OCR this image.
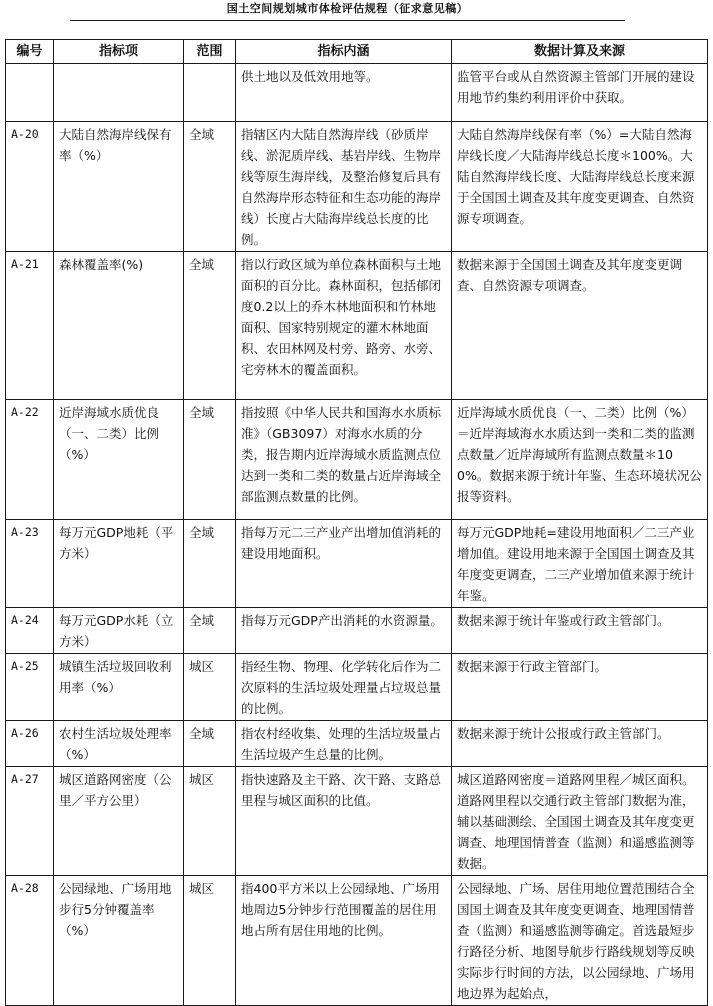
国土空间规划城市体检评估规程（征求意见稿）
编号	指标项	范围	指标内涵	数据计算及来源
			供土地以及低效用地等。	监管平台或从自然资源主管部门开展的建设用地节约集约利用评价中获取。
A-20	大陆自然海岸线保有率（%）	全域	指辖区内大陆自然海岸线（砂质岸线、淤泥质岸线、基岩岸线、生物岸线等原生海岸线，及整治修复后具有自然海岸形态特征和生态功能的海岸线）长度占大陆海岸线总长度的比例。	大陆自然海岸线保有率（%）=大陆自然海岸线长度／大陆海岸线总长度＊100%。大陆自然海岸线长度、大陆海岸线总长度来源于全国国土调查及其年度变更调查、自然资源专项调查。
A-21	森林覆盖率(%)	全域	指以行政区域为单位森林面积与土地面积的百分比。森林面积，包括郁闭度0.2以上的乔木林地面积和竹林地面积、国家特别规定的灌木林地面积、农田林网及村旁、路旁、水旁、宅旁林木的覆盖面积。	数据来源于全国国土调查及其年度变更调查、自然资源专项调查。
A-22	近岸海域水质优良（一、二类）比例（%）	全域	指按照《中华人民共和国海水水质标准》（GB3097）对海水水质的分类，报告期内近岸海域水质监测点位达到一类和二类的数量占近岸海域全部监测点数量的比例。	近岸海域水质优良（一、二类）比例（%）＝近岸海域海水水质达到一类和二类的监测点数量／近岸海域所有监测点数量＊100%。数据来源于统计年鉴、生态环境状况公报等资料。
A-23	每万元GDP地耗（平方米）	全域	指每万元二三产业产出增加值消耗的建设用地面积。	每万元GDP地耗=建设用地面积／二三产业增加值。建设用地来源于全国国土调查及其年度变更调查，二三产业增加值来源于统计年鉴。
A-24	每万元GDP水耗（立方米）	全域	指每万元GDP产出消耗的水资源量。	数据来源于统计年鉴或行政主管部门。
A-25	城镇生活垃圾回收利用率（%）	城区	指经生物、物理、化学转化后作为二次原料的生活垃圾处理量占垃圾总量的比例。	数据来源于行政主管部门。
A-26	农村生活垃圾处理率（%）	全域	指农村经收集、处理的生活垃圾量占生活垃圾产生总量的比例。	数据来源于统计公报或行政主管部门。
A-27	城区道路网密度（公里／平方公里）	城区	指快速路及主干路、次干路、支路总里程与城区面积的比值。	城区道路网密度＝道路网里程／城区面积。道路网里程以交通行政主管部门数据为准，辅以基础测绘、全国国土调查及其年度变更调查、地理国情普查（监测）和遥感监测等数据。
A-28	公园绿地、广场用地步行5分钟覆盖率（%）	城区	指400平方米以上公园绿地、广场用地周边5分钟步行范围覆盖的居住用地占所有居住用地的比例。	公园绿地、广场、居住用地位置范围结合全国国土调查及其年度变更调查、地理国情普查（监测）和遥感监测等确定。首选最短步行路径分析、地图导航步行路线规划等反映实际步行时间的方法，以公园绿地、广场用地边界为起始点，
